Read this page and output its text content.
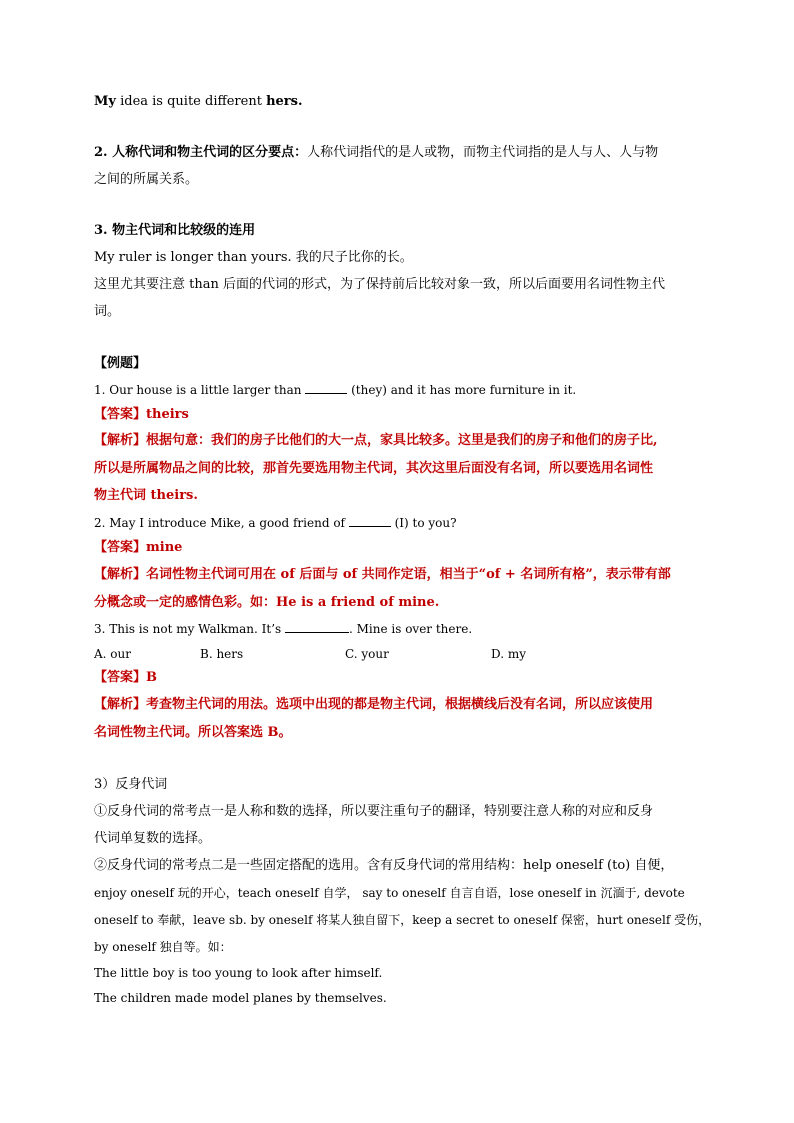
My idea is quite different hers.
2. 人称代词和物主代词的区分要点：人称代词指代的是人或物，而物主代词指的是人与人、人与物
之间的所属关系。
3. 物主代词和比较级的连用
My ruler is longer than yours. 我的尺子比你的长。
这里尤其要注意 than 后面的代词的形式，为了保持前后比较对象一致，所以后面要用名词性物主代
词。
【例题】
1. Our house is a little larger than	(they) and it has more furniture in it.
【答案】theirs
【解析】根据句意：我们的房子比他们的大一点，家具比较多。这里是我们的房子和他们的房子比,
所以是所属物品之间的比较，那首先要选用物主代词，其次这里后面没有名词，所以要选用名词性
物主代词 theirs.
2. May I introduce Mike, a good friend of	(I) to you?
【答案】mine
【解析】名词性物主代词可用在 of 后面与 of 共同作定语，相当于“of + 名词所有格”，表示带有部
分概念或一定的感情色彩。如：He is a friend of mine.
3. This is not my Walkman. It’s	. Mine is over there.
A. our	B. hers	C. your	D. my
【答案】B
【解析】考查物主代词的用法。选项中出现的都是物主代词，根据横线后没有名词，所以应该使用
名词性物主代词。所以答案选 B。
3）反身代词
①反身代词的常考点一是人称和数的选择，所以要注重句子的翻译，特别要注意人称的对应和反身
代词单复数的选择。
②反身代词的常考点二是一些固定搭配的选用。含有反身代词的常用结构：help oneself (to) 自便，
enjoy oneself 玩的开心，teach oneself 自学， say to oneself 自言自语，lose oneself in 沉湎于, devote
oneself to 奉献，leave sb. by oneself 将某人独自留下，keep a secret to oneself 保密，hurt oneself 受伤，
by oneself 独自等。如：
The little boy is too young to look after himself.
The children made model planes by themselves.
